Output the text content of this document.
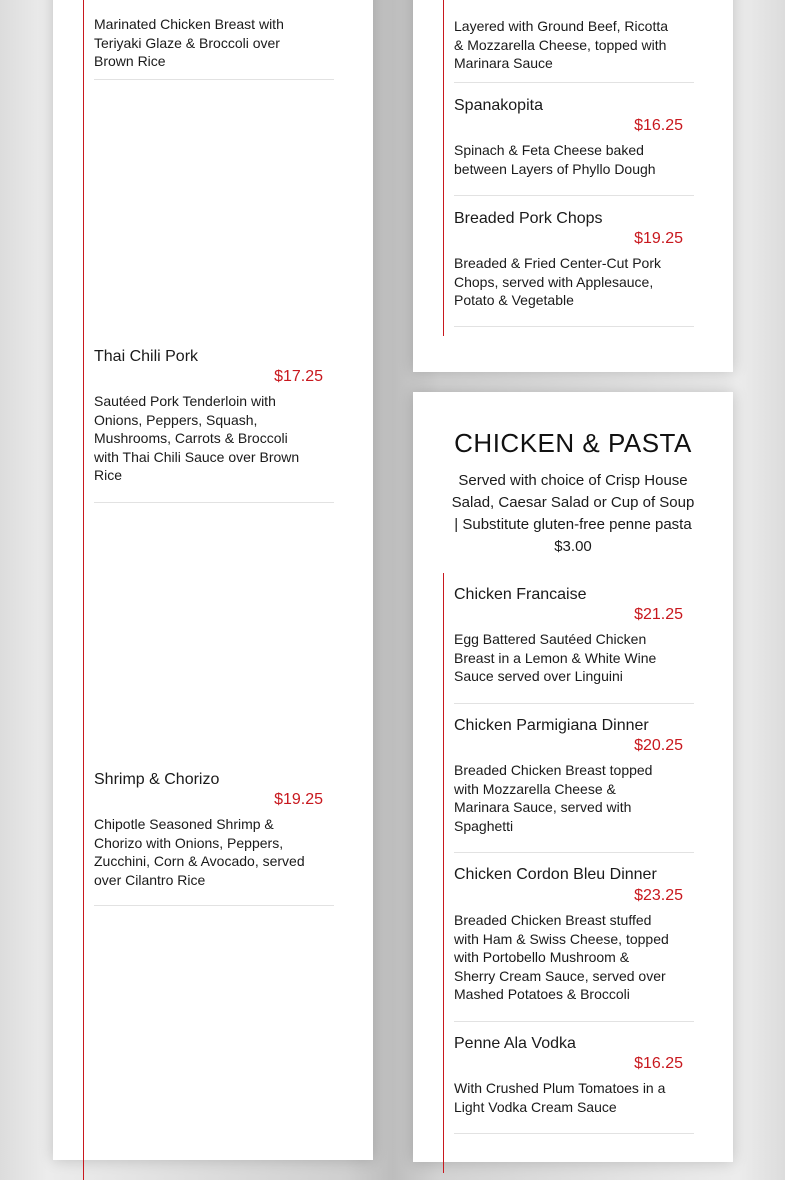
Marinated Chicken Breast with Teriyaki Glaze & Broccoli over Brown Rice
Thai Chili Pork
$17.25
Sautéed Pork Tenderloin with Onions, Peppers, Squash, Mushrooms, Carrots & Broccoli with Thai Chili Sauce over Brown Rice
Shrimp & Chorizo
$19.25
Chipotle Seasoned Shrimp & Chorizo with Onions, Peppers, Zucchini, Corn & Avocado, served over Cilantro Rice
Layered with Ground Beef, Ricotta & Mozzarella Cheese, topped with Marinara Sauce
Spanakopita
$16.25
Spinach & Feta Cheese baked between Layers of Phyllo Dough
Breaded Pork Chops
$19.25
Breaded & Fried Center-Cut Pork Chops, served with Applesauce, Potato & Vegetable
CHICKEN & PASTA
Served with choice of Crisp House Salad, Caesar Salad or Cup of Soup | Substitute gluten-free penne pasta $3.00
Chicken Francaise
$21.25
Egg Battered Sautéed Chicken Breast in a Lemon & White Wine Sauce served over Linguini
Chicken Parmigiana Dinner
$20.25
Breaded Chicken Breast topped with Mozzarella Cheese & Marinara Sauce, served with Spaghetti
Chicken Cordon Bleu Dinner
$23.25
Breaded Chicken Breast stuffed with Ham & Swiss Cheese, topped with Portobello Mushroom & Sherry Cream Sauce, served over Mashed Potatoes & Broccoli
Penne Ala Vodka
$16.25
With Crushed Plum Tomatoes in a Light Vodka Cream Sauce
